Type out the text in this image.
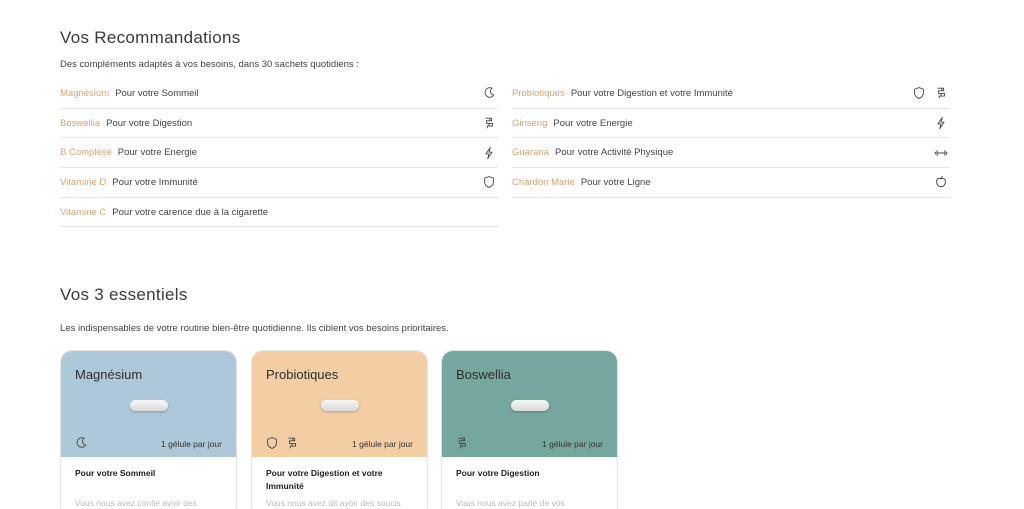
Vos Recommandations
Des compléments adaptés à vos besoins, dans 30 sachets quotidiens :
Magnésium Pour votre Sommeil
Boswellia Pour votre Digestion
B Complexe Pour votre Energie
Vitamine D Pour votre Immunité
Vitamine C Pour votre carence due à la cigarette
Probiotiques Pour votre Digestion et votre Immunité
Ginseng Pour votre Energie
Guarana Pour votre Activité Physique
Chardon Marie Pour votre Ligne
Vos 3 essentiels
Les indispensables de votre routine bien-être quotidienne. Ils ciblent vos besoins prioritaires.
Magnésium
1 gélule par jour
Pour votre Sommeil
Vous nous avez confié avoir des
Probiotiques
1 gélule par jour
Pour votre Digestion et votre Immunité
Vous nous avez dit avoir des soucis
Boswellia
1 gélule par jour
Pour votre Digestion
Vous nous avez parlé de vos
